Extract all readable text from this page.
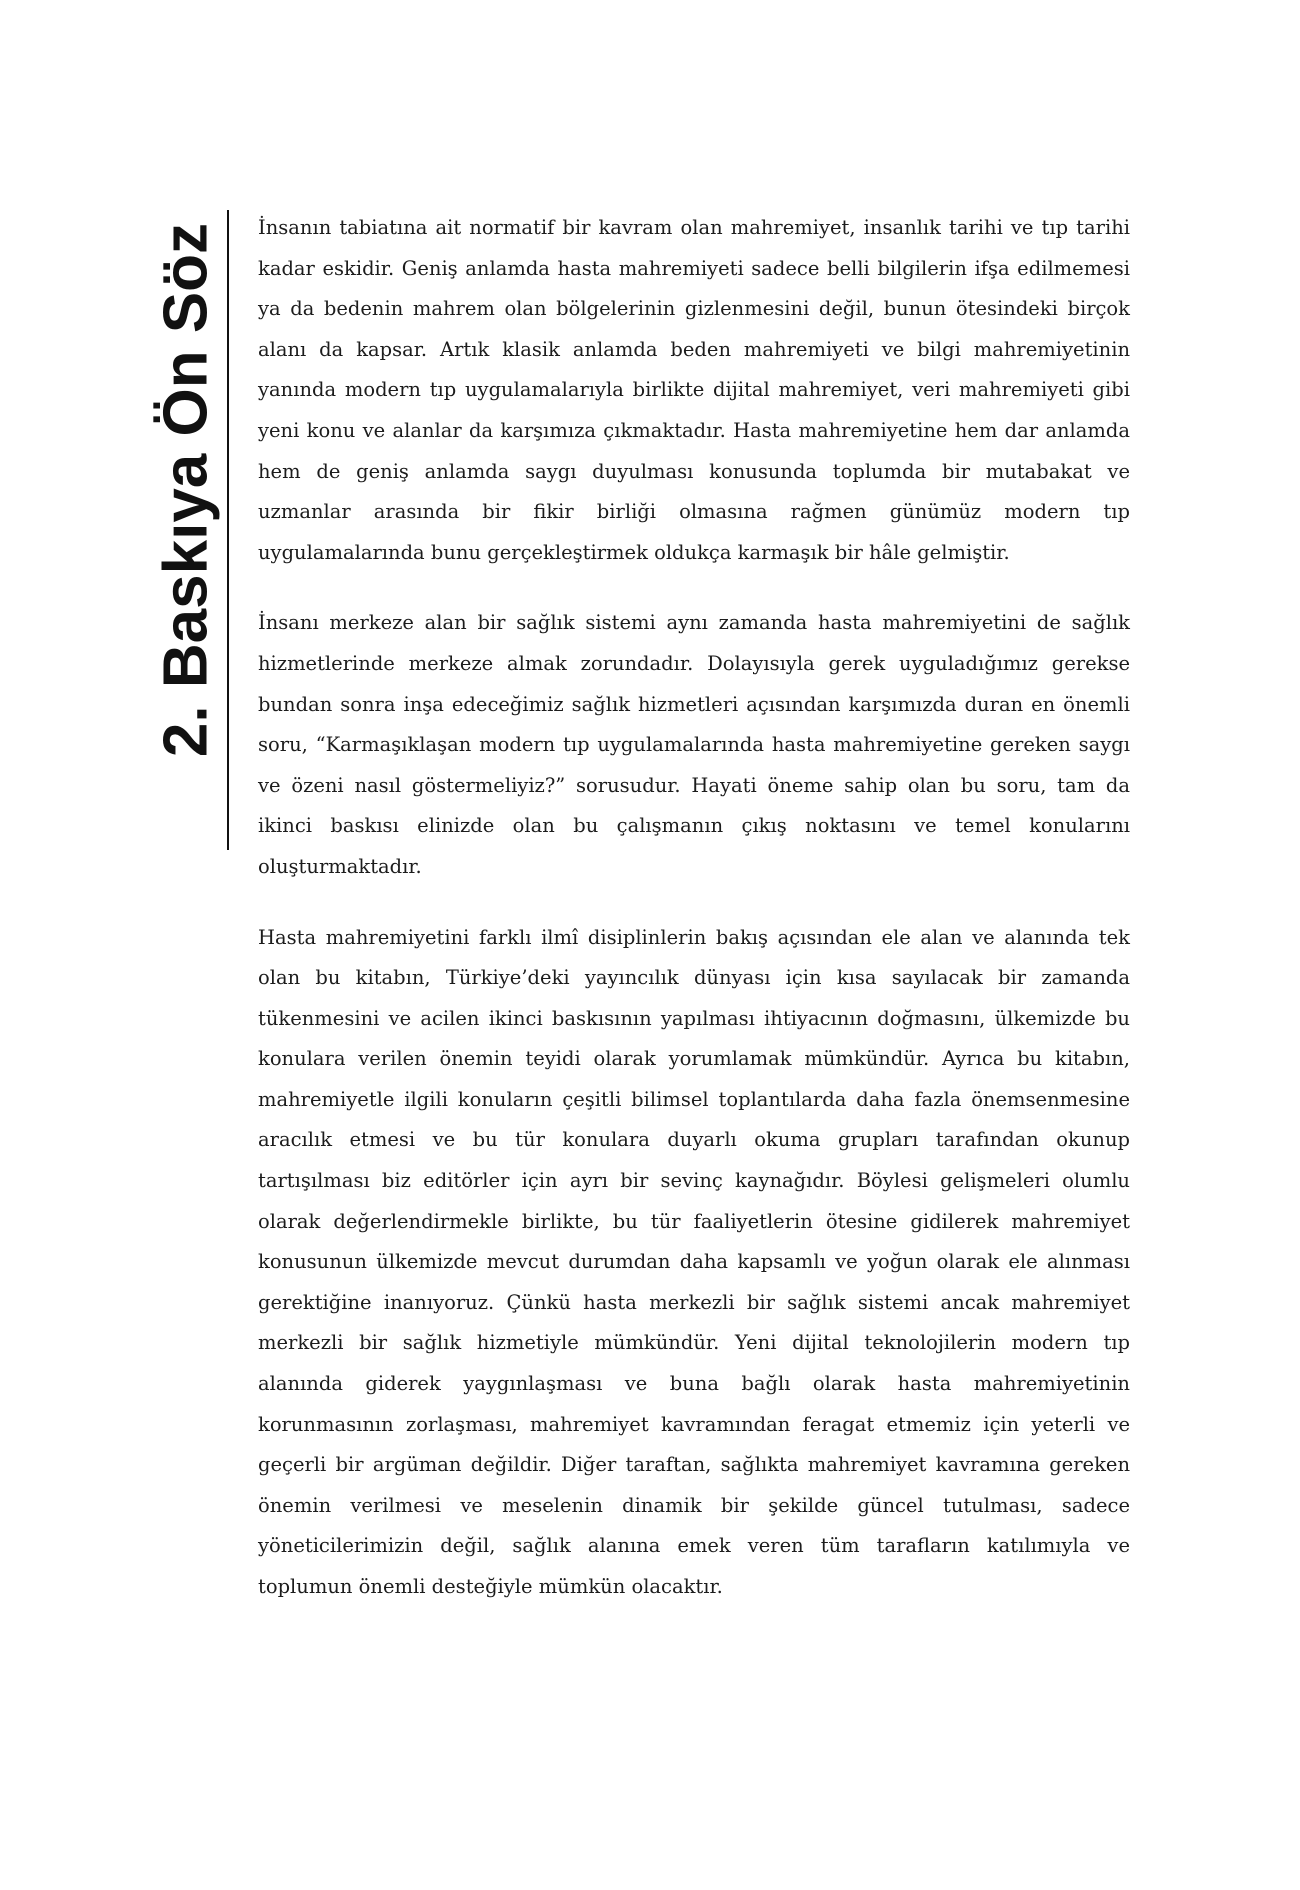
2. Baskıya Ön Söz İnsanın tabiatına ait normatif bir kavram olan mahremiyet, insanlık tarihi ve tıp tarihi kadar eskidir. Geniş anlamda hasta mahremiyeti sadece belli bilgilerin ifşa edilmemesi ya da bedenin mahrem olan bölgelerinin gizlenmesini değil, bunun ötesindeki birçok alanı da kapsar. Artık klasik anlamda beden mahremiyeti ve bilgi mahremiyetinin yanında modern tıp uygulamalarıyla birlikte dijital mahremiyet, veri mahremiyeti gibi yeni konu ve alanlar da karşımıza çıkmaktadır. Hasta mahremiyetine hem dar anlamda hem de geniş anlamda saygı duyulması konusunda toplumda bir mutabakat ve uzmanlar arasında bir fikir birliği olmasına rağmen günümüz modern tıp uygulamalarında bunu gerçekleştirmek oldukça karmaşık bir hâle gelmiştir.

İnsanı merkeze alan bir sağlık sistemi aynı zamanda hasta mahremiyetini de sağlık hizmetlerinde merkeze almak zorundadır. Dolayısıyla gerek uyguladığımız gerekse bundan sonra inşa edeceğimiz sağlık hizmetleri açısından karşımızda duran en önemli soru, “Karmaşıklaşan modern tıp uygulamalarında hasta mahremiyetine gereken saygı ve özeni nasıl göstermeliyiz?” sorusudur. Hayati öneme sahip olan bu soru, tam da ikinci baskısı elinizde olan bu çalışmanın çıkış noktasını ve temel konularını oluşturmaktadır.

Hasta mahremiyetini farklı ilmî disiplinlerin bakış açısından ele alan ve alanında tek olan bu kitabın, Türkiye’deki yayıncılık dünyası için kısa sayılacak bir zamanda tükenmesini ve acilen ikinci baskısının yapılması ihtiyacının doğmasını, ülkemizde bu konulara verilen önemin teyidi olarak yorumlamak mümkündür. Ayrıca bu kitabın, mahremiyetle ilgili konuların çeşitli bilimsel toplantılarda daha fazla önemsenmesine aracılık etmesi ve bu tür konulara duyarlı okuma grupları tarafından okunup tartışılması biz editörler için ayrı bir sevinç kaynağıdır. Böylesi gelişmeleri olumlu olarak değerlendirmekle birlikte, bu tür faaliyetlerin ötesine gidilerek mahremiyet konusunun ülkemizde mevcut durumdan daha kapsamlı ve yoğun olarak ele alınması gerektiğine inanıyoruz. Çünkü hasta merkezli bir sağlık sistemi ancak mahremiyet merkezli bir sağlık hizmetiyle mümkündür. Yeni dijital teknolojilerin modern tıp alanında giderek yaygınlaşması ve buna bağlı olarak hasta mahremiyetinin korunmasının zorlaşması, mahremiyet kavramından feragat etmemiz için yeterli ve geçerli bir argüman değildir. Diğer taraftan, sağlıkta mahremiyet kavramına gereken önemin verilmesi ve meselenin dinamik bir şekilde güncel tutulması, sadece yöneticilerimizin değil, sağlık alanına emek veren tüm tarafların katılımıyla ve toplumun önemli desteğiyle mümkün olacaktır.
